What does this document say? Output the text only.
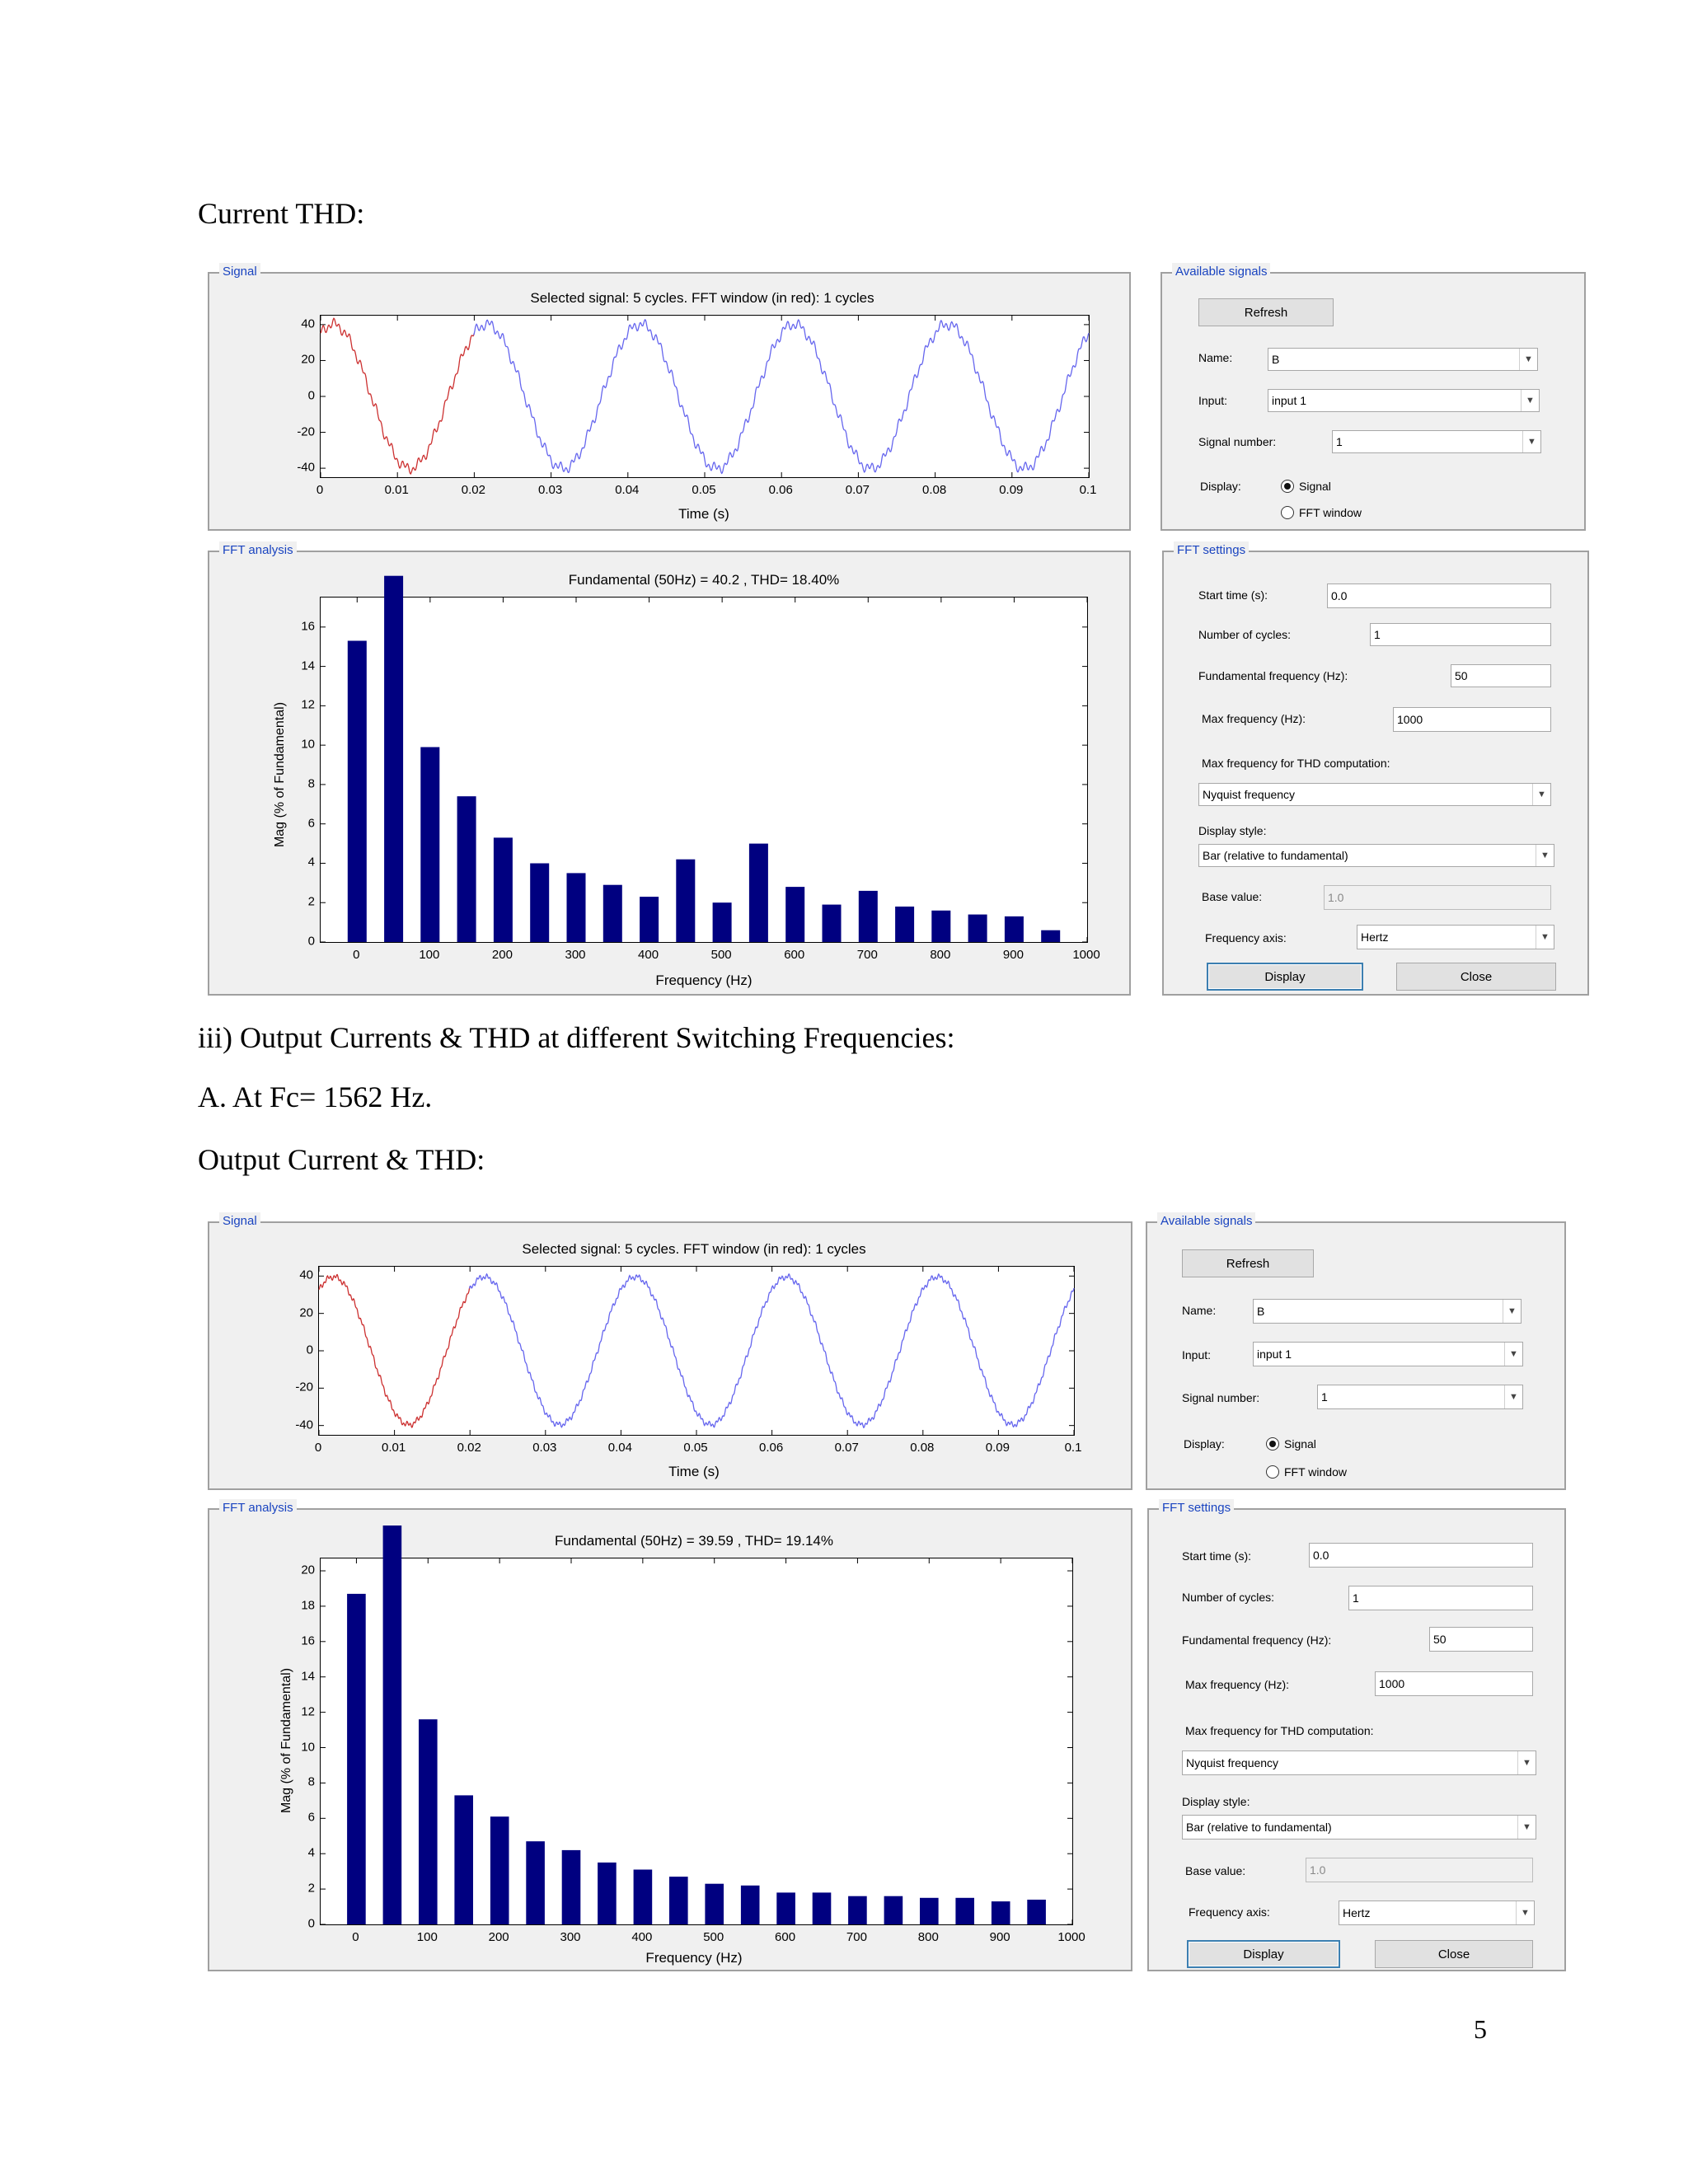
Current THD:
iii) Output Currents & THD at different Switching Frequencies:
A. At Fc= 1562 Hz.
Output Current & THD:
5
Signal
Selected signal: 5 cycles. FFT window (in red): 1 cycles
Time (s)
0	0.01	0.02	0.03	0.04	0.05	0.06	0.07	0.08	0.09	0.1
40
20
0
-20
-40
Available signals
Refresh
Name:	B	▼
Input:	input 1	▼
Signal number:	1	▼
Display:	Signal
FFT window
FFT analysis
Fundamental (50Hz) = 40.2 , THD= 18.40%
Frequency (Hz)
Mag (% of Fundamental)
0	100	200	300	400	500	600	700	800	900	1000
16
14
12
10
8
6
4
2
0
FFT settings
Start time (s):	0.0
Number of cycles:	1
Fundamental frequency (Hz):	50
Max frequency (Hz):	1000
Max frequency for THD computation:
Nyquist frequency	▼
Display style:
Bar (relative to fundamental)	▼
Base value:	1.0
Frequency axis:	Hertz	▼
Display	Close
Signal
Selected signal: 5 cycles. FFT window (in red): 1 cycles
Time (s)
0	0.01	0.02	0.03	0.04	0.05	0.06	0.07	0.08	0.09	0.1
40
20
0
-20
-40
Available signals
Refresh
Name:	B	▼
Input:	input 1	▼
Signal number:	1	▼
Display:	Signal
FFT window
FFT analysis
Fundamental (50Hz) = 39.59 , THD= 19.14%
Frequency (Hz)
Mag (% of Fundamental)
0	100	200	300	400	500	600	700	800	900	1000
20
18
16
14
12
10
8
6
4
2
0
FFT settings
Start time (s):	0.0
Number of cycles:	1
Fundamental frequency (Hz):	50
Max frequency (Hz):	1000
Max frequency for THD computation:
Nyquist frequency	▼
Display style:
Bar (relative to fundamental)	▼
Base value:	1.0
Frequency axis:	Hertz	▼
Display	Close
